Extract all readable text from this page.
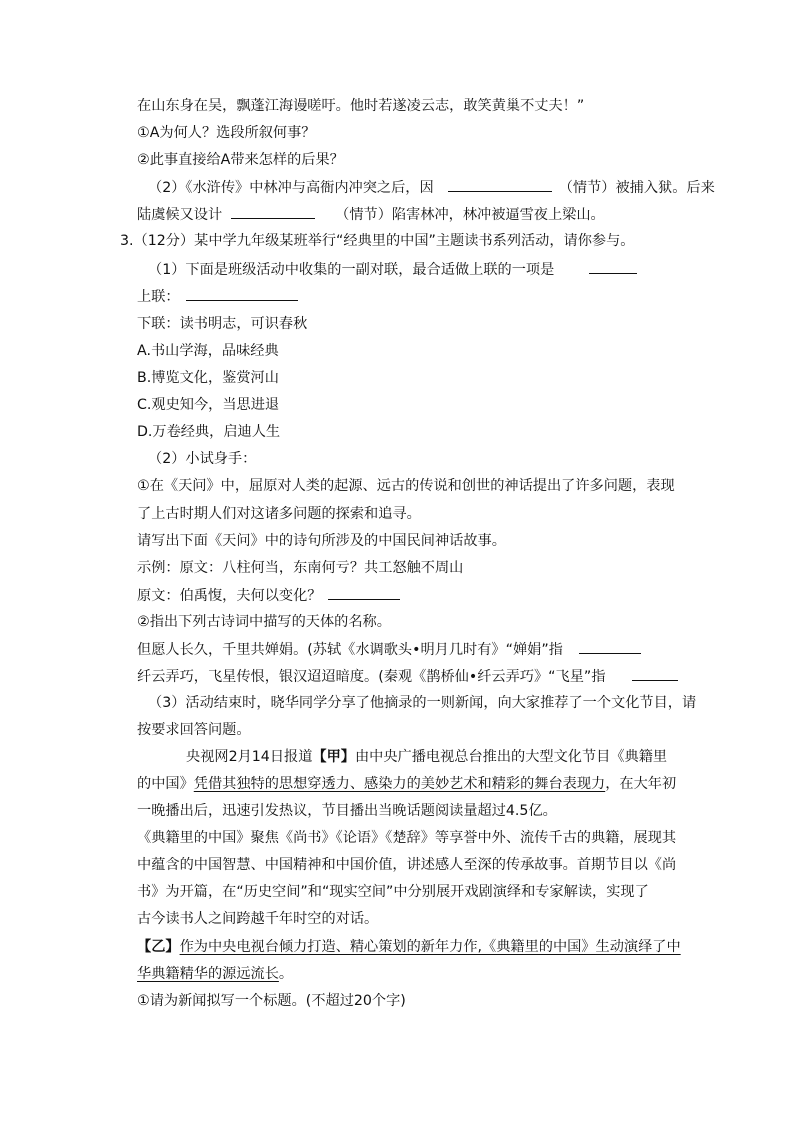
在山东身在吴，飘蓬江海谩嗟吁。他时若遂凌云志，敢笑黄巢不丈夫！”
①A为何人？选段所叙何事？
②此事直接给A带来怎样的后果？
（2）《水浒传》中林冲与高衙内冲突之后，因	（情节）被捕入狱。后来
陆虞候又设计	（情节）陷害林冲，林冲被逼雪夜上梁山。
3.（12分）某中学九年级某班举行“经典里的中国”主题读书系列活动，请你参与。
（1）下面是班级活动中收集的一副对联，最合适做上联的一项是
上联：
下联：读书明志，可识春秋
A.书山学海，品味经典
B.博览文化，鉴赏河山
C.观史知今，当思进退
D.万卷经典，启迪人生
（2）小试身手：
①在《天问》中，屈原对人类的起源、远古的传说和创世的神话提出了许多问题，表现
了上古时期人们对这诸多问题的探索和追寻。
请写出下面《天问》中的诗句所涉及的中国民间神话故事。
示例：原文：八柱何当，东南何亏？共工怒触不周山
原文：伯禹愎，夫何以变化？
②指出下列古诗词中描写的天体的名称。
但愿人长久，千里共婵娟。(苏轼《水调歌头•明月几时有》“婵娟”指
纤云弄巧，飞星传恨，银汉迢迢暗度。(秦观《鹊桥仙•纤云弄巧》“飞星”指
（3）活动结束时，晓华同学分享了他摘录的一则新闻，向大家推荐了一个文化节目，请
按要求回答问题。
央视网2月14日报道【甲】由中央广播电视总台推出的大型文化节目《典籍里
的中国》凭借其独特的思想穿透力、感染力的美妙艺术和精彩的舞台表现力，在大年初
一晚播出后，迅速引发热议，节目播出当晚话题阅读量超过4.5亿。
《典籍里的中国》聚焦《尚书》《论语》《楚辞》等享誉中外、流传千古的典籍，展现其
中蕴含的中国智慧、中国精神和中国价值，讲述感人至深的传承故事。首期节目以《尚
书》为开篇，在“历史空间”和“现实空间”中分别展开戏剧演绎和专家解读，实现了
古今读书人之间跨越千年时空的对话。
【乙】作为中央电视台倾力打造、精心策划的新年力作,《典籍里的中国》生动演绎了中
华典籍精华的源远流长。
①请为新闻拟写一个标题。(不超过20个字)
